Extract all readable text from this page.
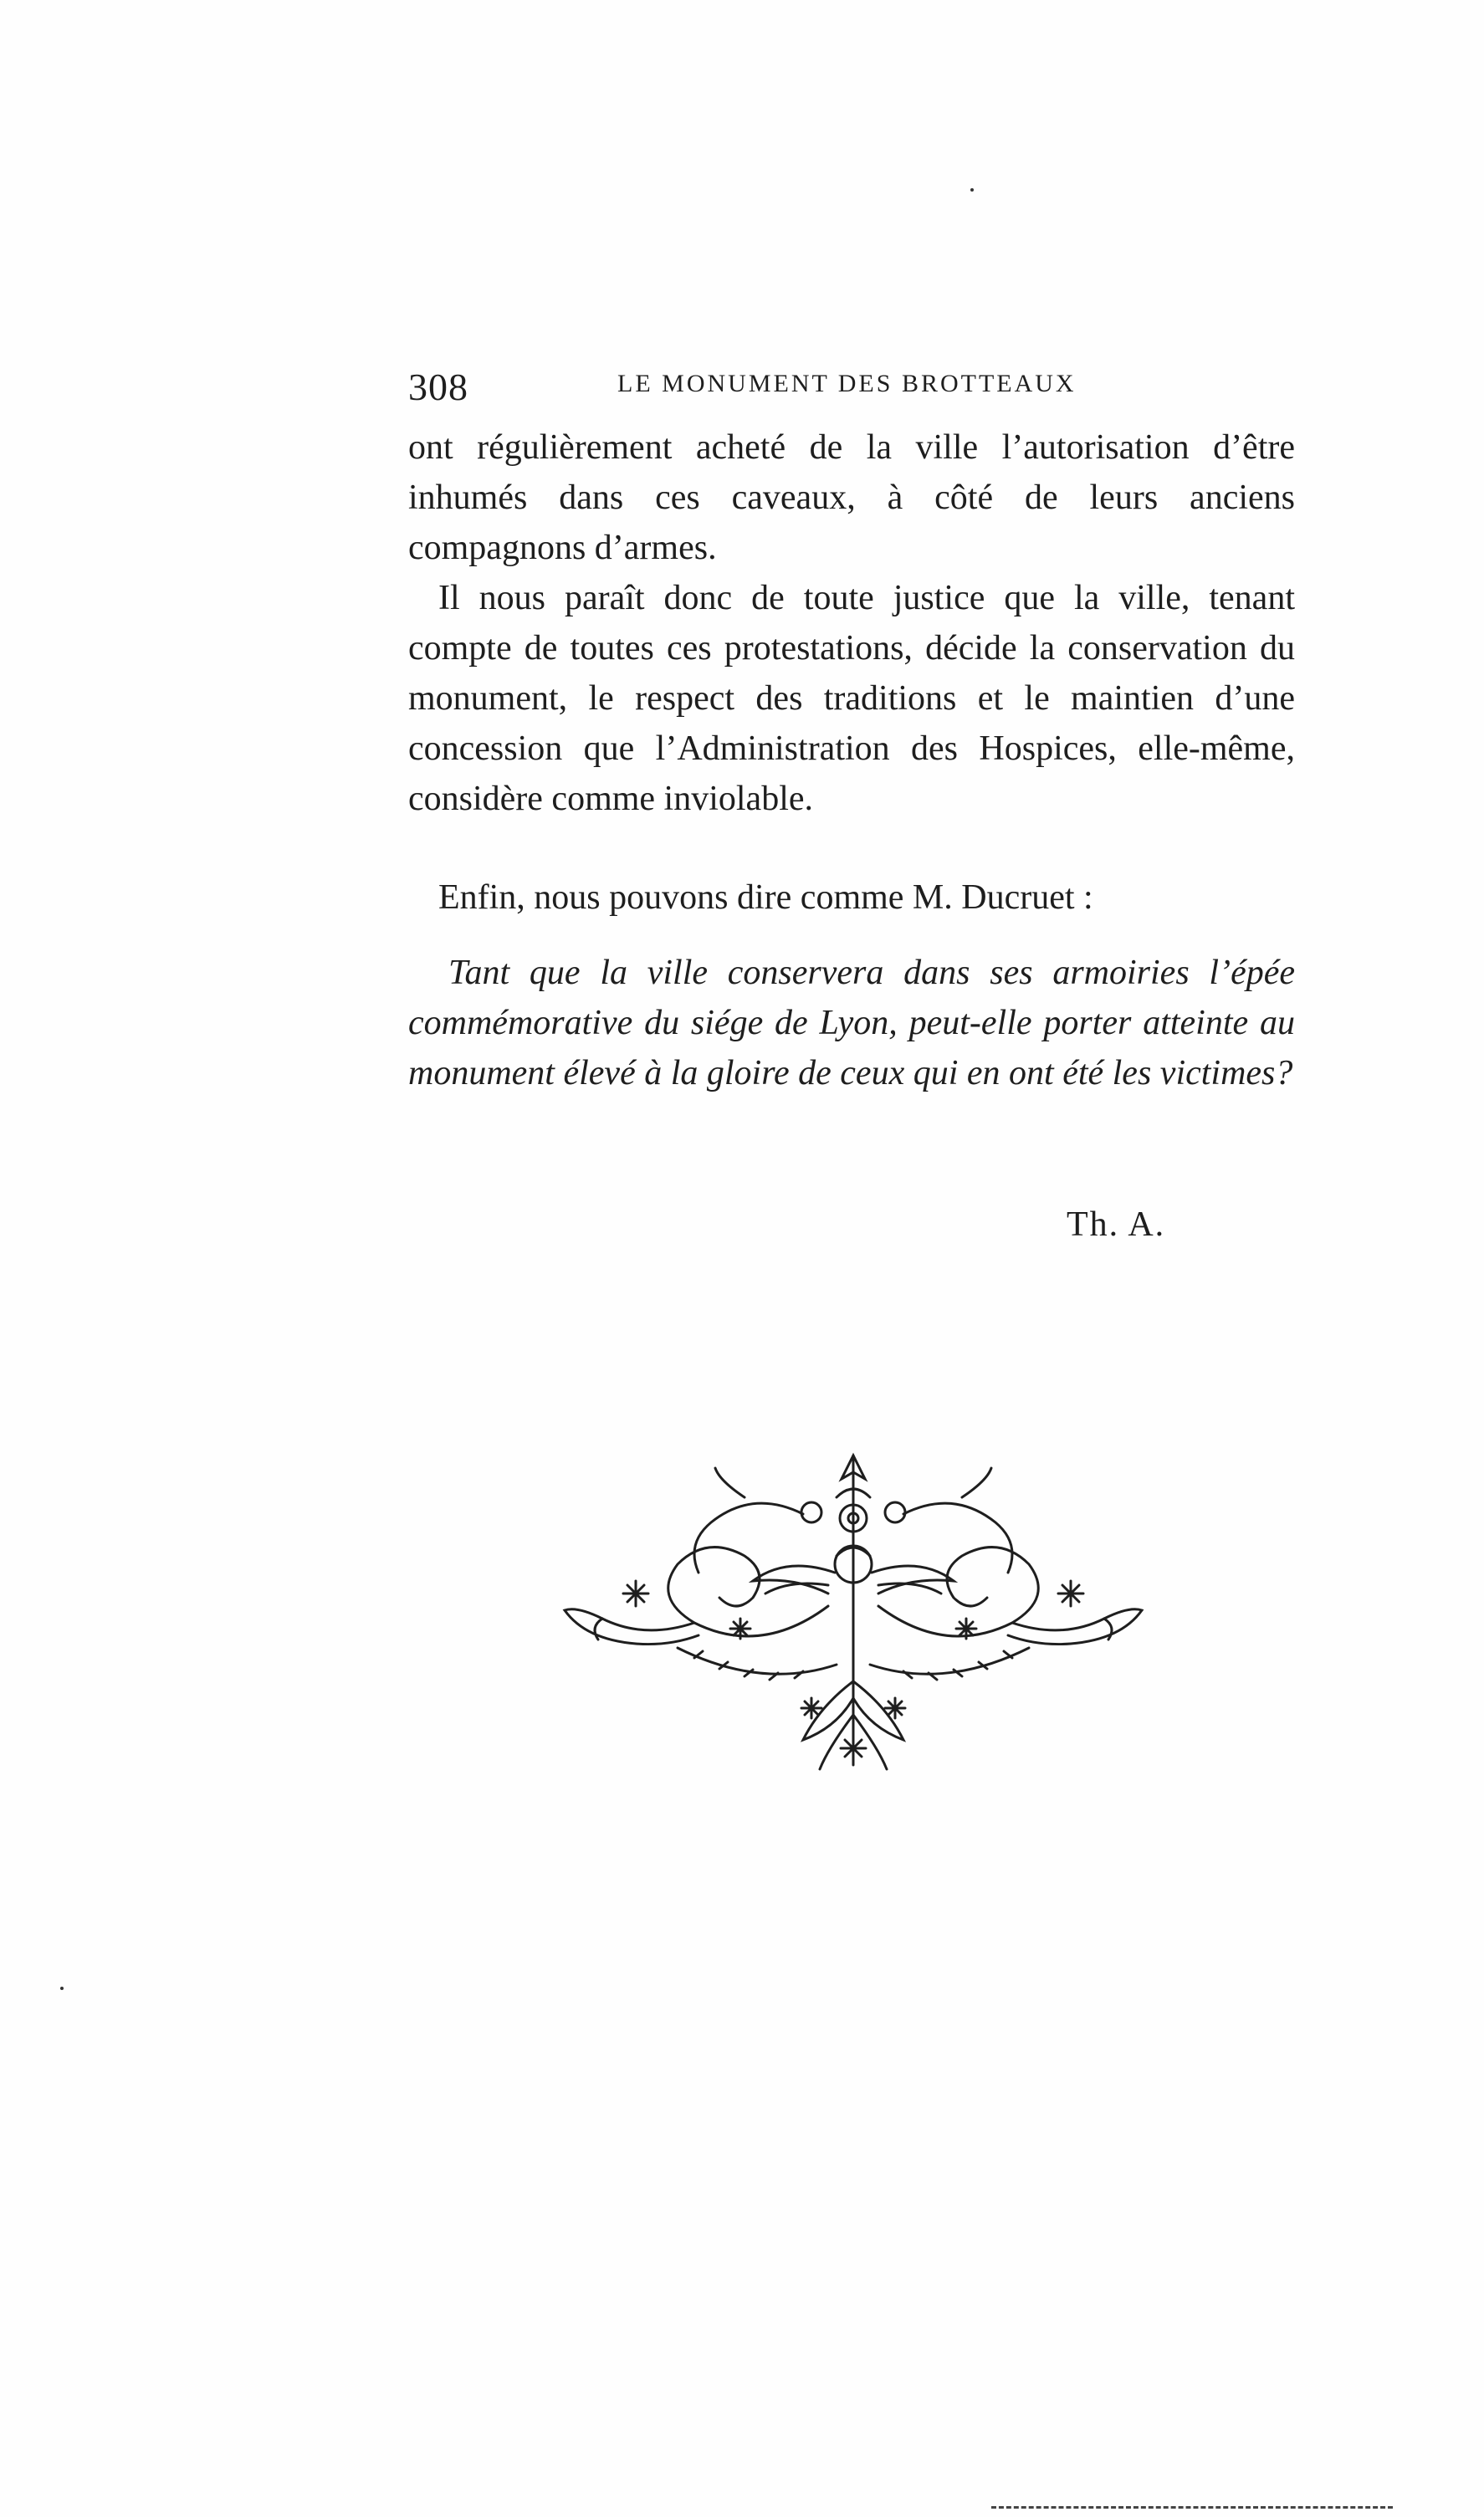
308	LE MONUMENT DES BROTTEAUX

ont régulièrement acheté de la ville l’autorisation d’être inhumés dans ces caveaux, à côté de leurs anciens compagnons d’armes.

Il nous paraît donc de toute justice que la ville, tenant compte de toutes ces protestations, décide la conservation du monument, le respect des traditions et le maintien d’une concession que l’Administration des Hospices, elle-même, considère comme inviolable.

Enfin, nous pouvons dire comme M. Ducruet :

Tant que la ville conservera dans ses armoiries l’épée commémorative du siége de Lyon, peut-elle porter atteinte au monument élevé à la gloire de ceux qui en ont été les victimes?

Th. A.
